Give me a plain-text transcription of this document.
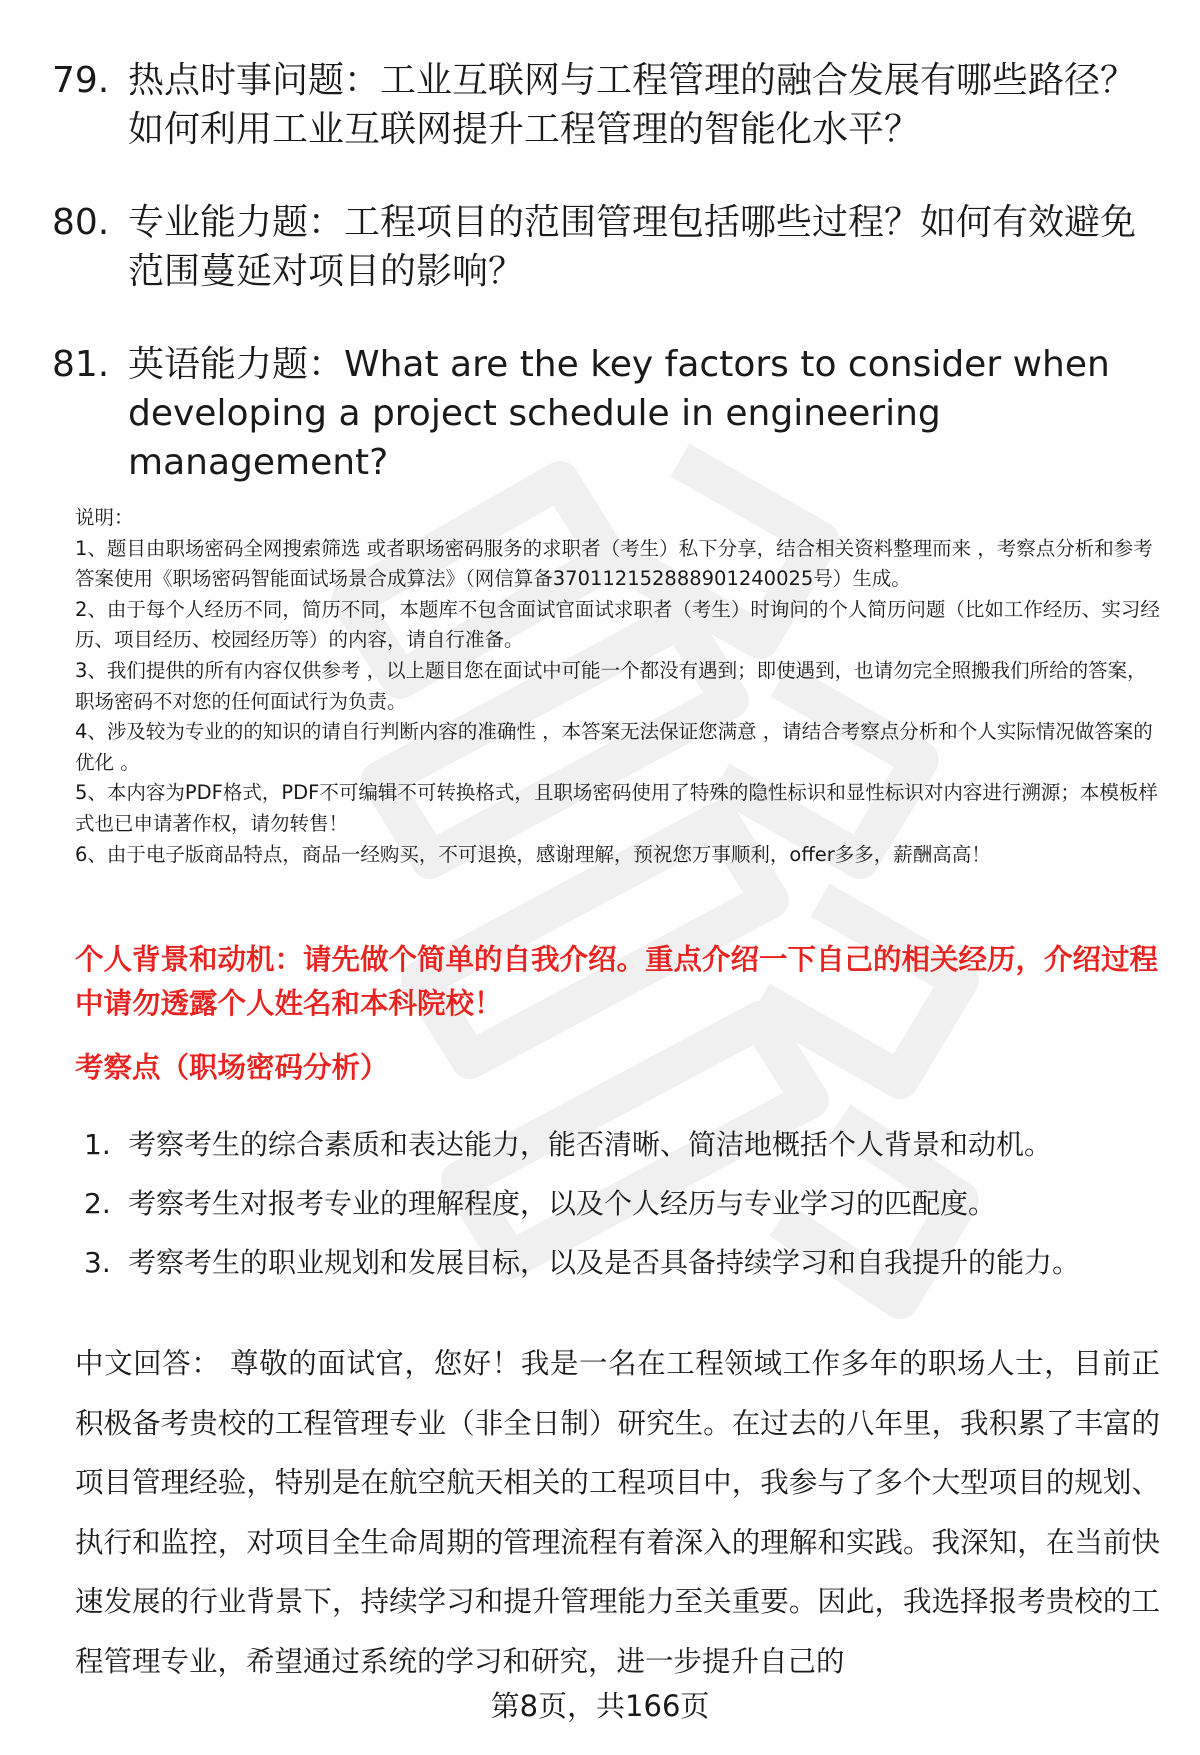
79. 热点时事问题：工业互联网与工程管理的融合发展有哪些路径？如何利用工业互联网提升工程管理的智能化水平？
80. 专业能力题：工程项目的范围管理包括哪些过程？如何有效避免范围蔓延对项目的影响？
81. 英语能力题：What are the key factors to consider when developing a project schedule in engineering management?

说明：

1、题目由职场密码全网搜索筛选 或者职场密码服务的求职者（考生）私下分享，结合相关资料整理而来 ，考察点分析和参考答案使用《职场密码智能面试场景合成算法》（网信算备370112152888901240025号）生成。

2、由于每个人经历不同，简历不同，本题库不包含面试官面试求职者（考生）时询问的个人简历问题（比如工作经历、实习经历、项目经历、校园经历等）的内容，请自行准备。

3、我们提供的所有内容仅供参考 ，以上题目您在面试中可能一个都没有遇到；即使遇到，也请勿完全照搬我们所给的答案，职场密码不对您的任何面试行为负责。

4、涉及较为专业的的知识的请自行判断内容的准确性 ，本答案无法保证您满意 ，请结合考察点分析和个人实际情况做答案的优化 。

5、本内容为PDF格式，PDF不可编辑不可转换格式，且职场密码使用了特殊的隐性标识和显性标识对内容进行溯源；本模板样式也已申请著作权，请勿转售！

6、由于电子版商品特点，商品一经购买，不可退换，感谢理解，预祝您万事顺利，offer多多，薪酬高高！

个人背景和动机：请先做个简单的自我介绍。重点介绍一下自己的相关经历，介绍过程中请勿透露个人姓名和本科院校！
考察点（职场密码分析）
1. 考察考生的综合素质和表达能力，能否清晰、简洁地概括个人背景和动机。
2. 考察考生对报考专业的理解程度，以及个人经历与专业学习的匹配度。
3. 考察考生的职业规划和发展目标，以及是否具备持续学习和自我提升的能力。
中文回答： 尊敬的面试官，您好！我是一名在工程领域工作多年的职场人士，目前正积极备考贵校的工程管理专业（非全日制）研究生。在过去的八年里，我积累了丰富的项目管理经验，特别是在航空航天相关的工程项目中，我参与了多个大型项目的规划、执行和监控，对项目全生命周期的管理流程有着深入的理解和实践。我深知，在当前快速发展的行业背景下，持续学习和提升管理能力至关重要。因此，我选择报考贵校的工程管理专业，希望通过系统的学习和研究，进一步提升自己的
第8页，共166页
